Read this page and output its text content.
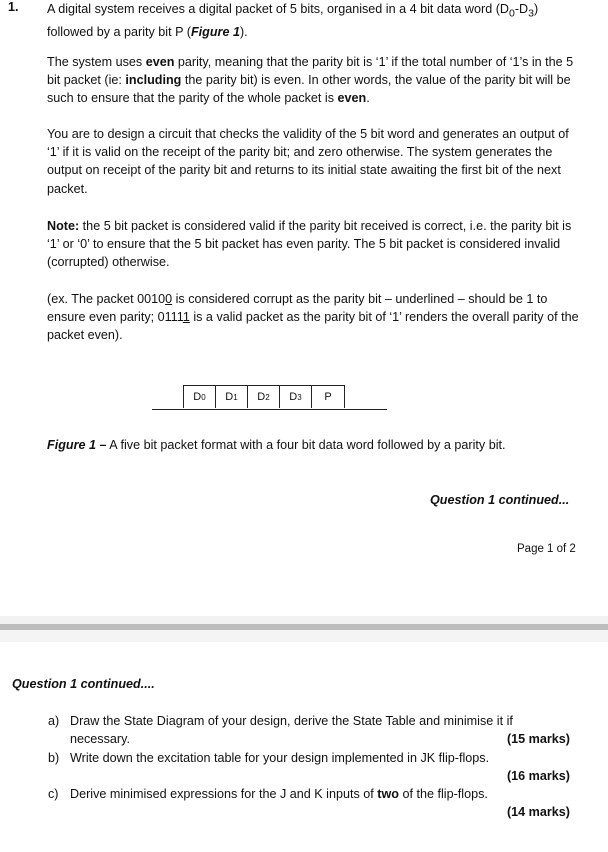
1. A digital system receives a digital packet of 5 bits, organised in a 4 bit data word $(D_0-D_3)$ followed by a parity bit P (Figure 1).

The system uses even parity, meaning that the parity bit is ‘1’ if the total number of ‘1’s in the 5 bit packet (ie: including the parity bit) is even. In other words, the value of the parity bit will be such to ensure that the parity of the whole packet is even.

You are to design a circuit that checks the validity of the 5 bit word and generates an output of ‘1’ if it is valid on the receipt of the parity bit; and zero otherwise. The system generates the output on receipt of the parity bit and returns to its initial state awaiting the first bit of the next packet.

Note: the 5 bit packet is considered valid if the parity bit received is correct, i.e. the parity bit is ‘1’ or ‘0’ to ensure that the 5 bit packet has even parity. The 5 bit packet is considered invalid (corrupted) otherwise.

(ex. The packet 00100 is considered corrupt as the parity bit – underlined – should be 1 to ensure even parity; 01111 is a valid packet as the parity bit of ‘1’ renders the overall parity of the packet even).

D 0 D 1 D 2 D 3 P
Figure 1 – A five bit packet format with a four bit data word followed by a parity bit.
Question 1 continued...
Page 1 of 2
Question 1 continued....
a) Draw the State Diagram of your design, derive the State Table and minimise it if
necessary.	(15 marks)
b) Write down the excitation table for your design implemented in JK flip-flops.
(16 marks)
c) Derive minimised expressions for the J and K inputs of two of the flip-flops.
(14 marks)
